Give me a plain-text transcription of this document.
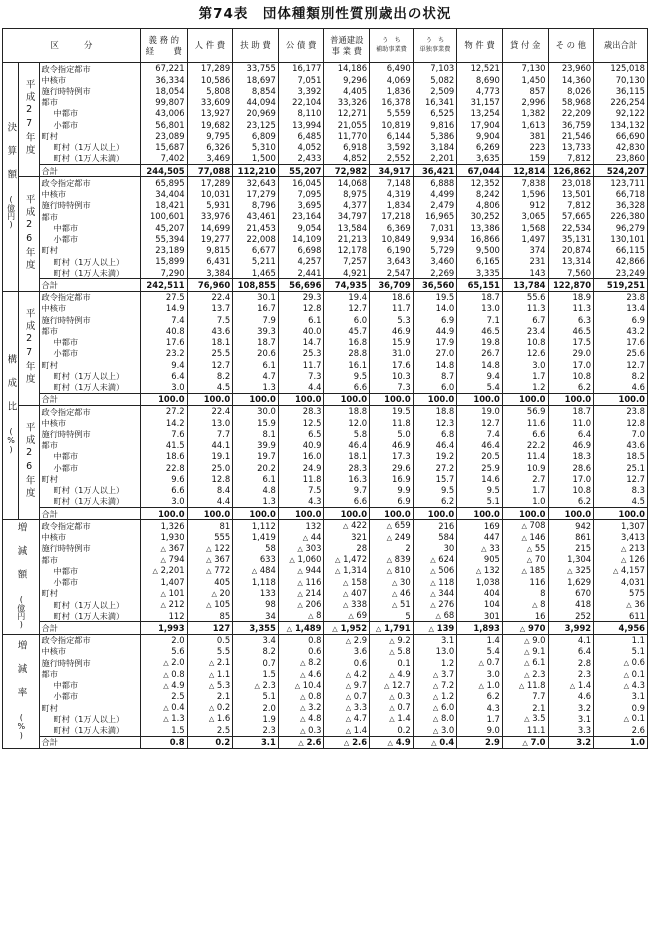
第74表　団体種類別性質別歳出の状況
区　　　分			義 務 的
経 　　費	人 件 費	扶 助 費	公 債 費	普通建設
事 業 費	う　ち
補助事業費	う　ち
単独事業費	物 件 費	貸 付 金	そ の 他	歳出合計
決算額
(億円)	平成27年度	政令指定都市	67,221	17,289	33,755	16,177	14,186	6,490	7,103	12,521	7,130	23,960	125,018
		中核市	36,334	10,586	18,697	7,051	9,296	4,069	5,082	8,690	1,450	14,360	70,130
		施行時特例市	18,054	5,808	8,854	3,392	4,405	1,836	2,509	4,773	857	8,026	36,115
		都市	99,807	33,609	44,094	22,104	33,326	16,378	16,341	31,157	2,996	58,968	226,254
		中都市	43,006	13,927	20,969	8,110	12,271	5,559	6,525	13,254	1,382	22,209	92,122
		小都市	56,801	19,682	23,125	13,994	21,055	10,819	9,816	17,904	1,613	36,759	134,132
		町村	23,089	9,795	6,809	6,485	11,770	6,144	5,386	9,904	381	21,546	66,690
		町村（1万人以上）	15,687	6,326	5,310	4,052	6,918	3,592	3,184	6,269	223	13,733	42,830
		町村（1万人未満）	7,402	3,469	1,500	2,433	4,852	2,552	2,201	3,635	159	7,812	23,860
		合計	244,505	77,088	112,210	55,207	72,982	34,917	36,421	67,044	12,814	126,862	524,207
	平成26年度	政令指定都市	65,895	17,289	32,643	16,045	14,068	7,148	6,888	12,352	7,838	23,018	123,711
		中核市	34,404	10,031	17,279	7,095	8,975	4,319	4,499	8,242	1,596	13,501	66,718
		施行時特例市	18,421	5,931	8,796	3,695	4,377	1,834	2,479	4,806	912	7,812	36,328
		都市	100,601	33,976	43,461	23,164	34,797	17,218	16,965	30,252	3,065	57,665	226,380
		中都市	45,207	14,699	21,453	9,054	13,584	6,369	7,031	13,386	1,568	22,534	96,279
		小都市	55,394	19,277	22,008	14,109	21,213	10,849	9,934	16,866	1,497	35,131	130,101
		町村	23,189	9,815	6,677	6,698	12,178	6,190	5,729	9,500	374	20,874	66,115
		町村（1万人以上）	15,899	6,431	5,211	4,257	7,257	3,643	3,460	6,165	231	13,314	42,866
		町村（1万人未満）	7,290	3,384	1,465	2,441	4,921	2,547	2,269	3,335	143	7,560	23,249
		合計	242,511	76,960	108,855	56,696	74,935	36,709	36,560	65,151	13,784	122,870	519,251
構成比
(%)	平成27年度	政令指定都市	27.5	22.4	30.1	29.3	19.4	18.6	19.5	18.7	55.6	18.9	23.8
		中核市	14.9	13.7	16.7	12.8	12.7	11.7	14.0	13.0	11.3	11.3	13.4
		施行時特例市	7.4	7.5	7.9	6.1	6.0	5.3	6.9	7.1	6.7	6.3	6.9
		都市	40.8	43.6	39.3	40.0	45.7	46.9	44.9	46.5	23.4	46.5	43.2
		中都市	17.6	18.1	18.7	14.7	16.8	15.9	17.9	19.8	10.8	17.5	17.6
		小都市	23.2	25.5	20.6	25.3	28.8	31.0	27.0	26.7	12.6	29.0	25.6
		町村	9.4	12.7	6.1	11.7	16.1	17.6	14.8	14.8	3.0	17.0	12.7
		町村（1万人以上）	6.4	8.2	4.7	7.3	9.5	10.3	8.7	9.4	1.7	10.8	8.2
		町村（1万人未満）	3.0	4.5	1.3	4.4	6.6	7.3	6.0	5.4	1.2	6.2	4.6
		合計	100.0	100.0	100.0	100.0	100.0	100.0	100.0	100.0	100.0	100.0	100.0
	平成26年度	政令指定都市	27.2	22.4	30.0	28.3	18.8	19.5	18.8	19.0	56.9	18.7	23.8
		中核市	14.2	13.0	15.9	12.5	12.0	11.8	12.3	12.7	11.6	11.0	12.8
		施行時特例市	7.6	7.7	8.1	6.5	5.8	5.0	6.8	7.4	6.6	6.4	7.0
		都市	41.5	44.1	39.9	40.9	46.4	46.9	46.4	46.4	22.2	46.9	43.6
		中都市	18.6	19.1	19.7	16.0	18.1	17.3	19.2	20.5	11.4	18.3	18.5
		小都市	22.8	25.0	20.2	24.9	28.3	29.6	27.2	25.9	10.9	28.6	25.1
		町村	9.6	12.8	6.1	11.8	16.3	16.9	15.7	14.6	2.7	17.0	12.7
		町村（1万人以上）	6.6	8.4	4.8	7.5	9.7	9.9	9.5	9.5	1.7	10.8	8.3
		町村（1万人未満）	3.0	4.4	1.3	4.3	6.6	6.9	6.2	5.1	1.0	6.2	4.5
		合計	100.0	100.0	100.0	100.0	100.0	100.0	100.0	100.0	100.0	100.0	100.0
増減額
(億円)		政令指定都市	1,326	81	1,112	132	△ 422	△ 659	216	169	△ 708	942	1,307
		中核市	1,930	555	1,419	△ 44	321	△ 249	584	447	△ 146	861	3,413
		施行時特例市	△ 367	△ 122	58	△ 303	28	2	30	△ 33	△ 55	215	△ 213
		都市	△ 794	△ 367	633	△ 1,060	△ 1,472	△ 839	△ 624	905	△ 70	1,304	△ 126
		中都市	△ 2,201	△ 772	△ 484	△ 944	△ 1,314	△ 810	△ 506	△ 132	△ 185	△ 325	△ 4,157
		小都市	1,407	405	1,118	△ 116	△ 158	△ 30	△ 118	1,038	116	1,629	4,031
		町村	△ 101	△ 20	133	△ 214	△ 407	△ 46	△ 344	404	8	670	575
		町村（1万人以上）	△ 212	△ 105	98	△ 206	△ 338	△ 51	△ 276	104	△ 8	418	△ 36
		町村（1万人未満）	112	85	34	△ 8	△ 69	5	△ 68	301	16	252	611
		合計	1,993	127	3,355	△ 1,489	△ 1,952	△ 1,791	△ 139	1,893	△ 970	3,992	4,956
増減率
(%)		政令指定都市	2.0	0.5	3.4	0.8	△ 2.9	△ 9.2	3.1	1.4	△ 9.0	4.1	1.1
		中核市	5.6	5.5	8.2	0.6	3.6	△ 5.8	13.0	5.4	△ 9.1	6.4	5.1
		施行時特例市	△ 2.0	△ 2.1	0.7	△ 8.2	0.6	0.1	1.2	△ 0.7	△ 6.1	2.8	△ 0.6
		都市	△ 0.8	△ 1.1	1.5	△ 4.6	△ 4.2	△ 4.9	△ 3.7	3.0	△ 2.3	2.3	△ 0.1
		中都市	△ 4.9	△ 5.3	△ 2.3	△ 10.4	△ 9.7	△ 12.7	△ 7.2	△ 1.0	△ 11.8	△ 1.4	△ 4.3
		小都市	2.5	2.1	5.1	△ 0.8	△ 0.7	△ 0.3	△ 1.2	6.2	7.7	4.6	3.1
		町村	△ 0.4	△ 0.2	2.0	△ 3.2	△ 3.3	△ 0.7	△ 6.0	4.3	2.1	3.2	0.9
		町村（1万人以上）	△ 1.3	△ 1.6	1.9	△ 4.8	△ 4.7	△ 1.4	△ 8.0	1.7	△ 3.5	3.1	△ 0.1
		町村（1万人未満）	1.5	2.5	2.3	△ 0.3	△ 1.4	0.2	△ 3.0	9.0	11.1	3.3	2.6
		合計	0.8	0.2	3.1	△ 2.6	△ 2.6	△ 4.9	△ 0.4	2.9	△ 7.0	3.2	1.0
